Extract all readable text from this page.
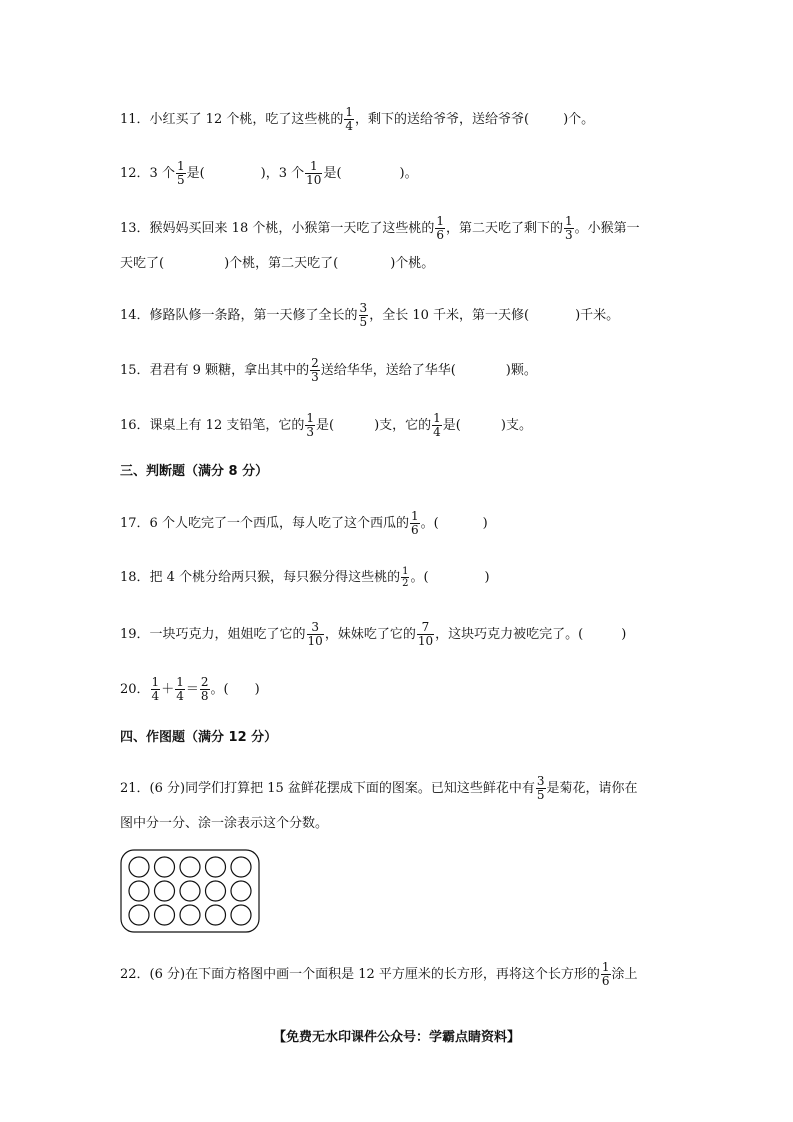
11．小红买了 12 个桃，吃了这些桃的 $\frac{1}{4}$ ，剩下的送给爷爷，送给爷爷(	)个。
12．3 个 $\frac{1}{5}$ 是(	)，3 个 $\frac{1}{10}$ 是(	)。
13．猴妈妈买回来 18 个桃，小猴第一天吃了这些桃的 $\frac{1}{6}$ ，第二天吃了剩下的 $\frac{1}{3}$ 。小猴第一
天吃了(	)个桃，第二天吃了(	)个桃。
14．修路队修一条路，第一天修了全长的 $\frac{3}{5}$ ，全长 10 千米，第一天修(	)千米。
15．君君有 9 颗糖，拿出其中的 $\frac{2}{3}$ 送给华华，送给了华华(	)颗。
16．课桌上有 12 支铅笔，它的 $\frac{1}{3}$ 是(	)支，它的 $\frac{1}{4}$ 是(	)支。
三、判断题（满分 8 分）
17．6 个人吃完了一个西瓜，每人吃了这个西瓜的 $\frac{1}{6}$ 。(	)
18．把 4 个桃分给两只猴，每只猴分得这些桃的 $\frac{1}{2}$ 。(	)
19．一块巧克力，姐姐吃了它的 $\frac{3}{10}$ ，妹妹吃了它的 $\frac{7}{10}$ ，这块巧克力被吃完了。(	)
20． $\frac{1}{4} + \frac{1}{4} = \frac{2}{8}$ 。( )
四、作图题（满分 12 分）
21．(6 分)同学们打算把 15 盆鲜花摆成下面的图案。已知这些鲜花中有 $\frac{3}{5}$ 是菊花，请你在
图中分一分、涂一涂表示这个分数。
22．(6 分)在下面方格图中画一个面积是 12 平方厘米的长方形，再将这个长方形的 $\frac{1}{6}$ 涂上
【免费无水印课件公众号：学霸点睛资料】
